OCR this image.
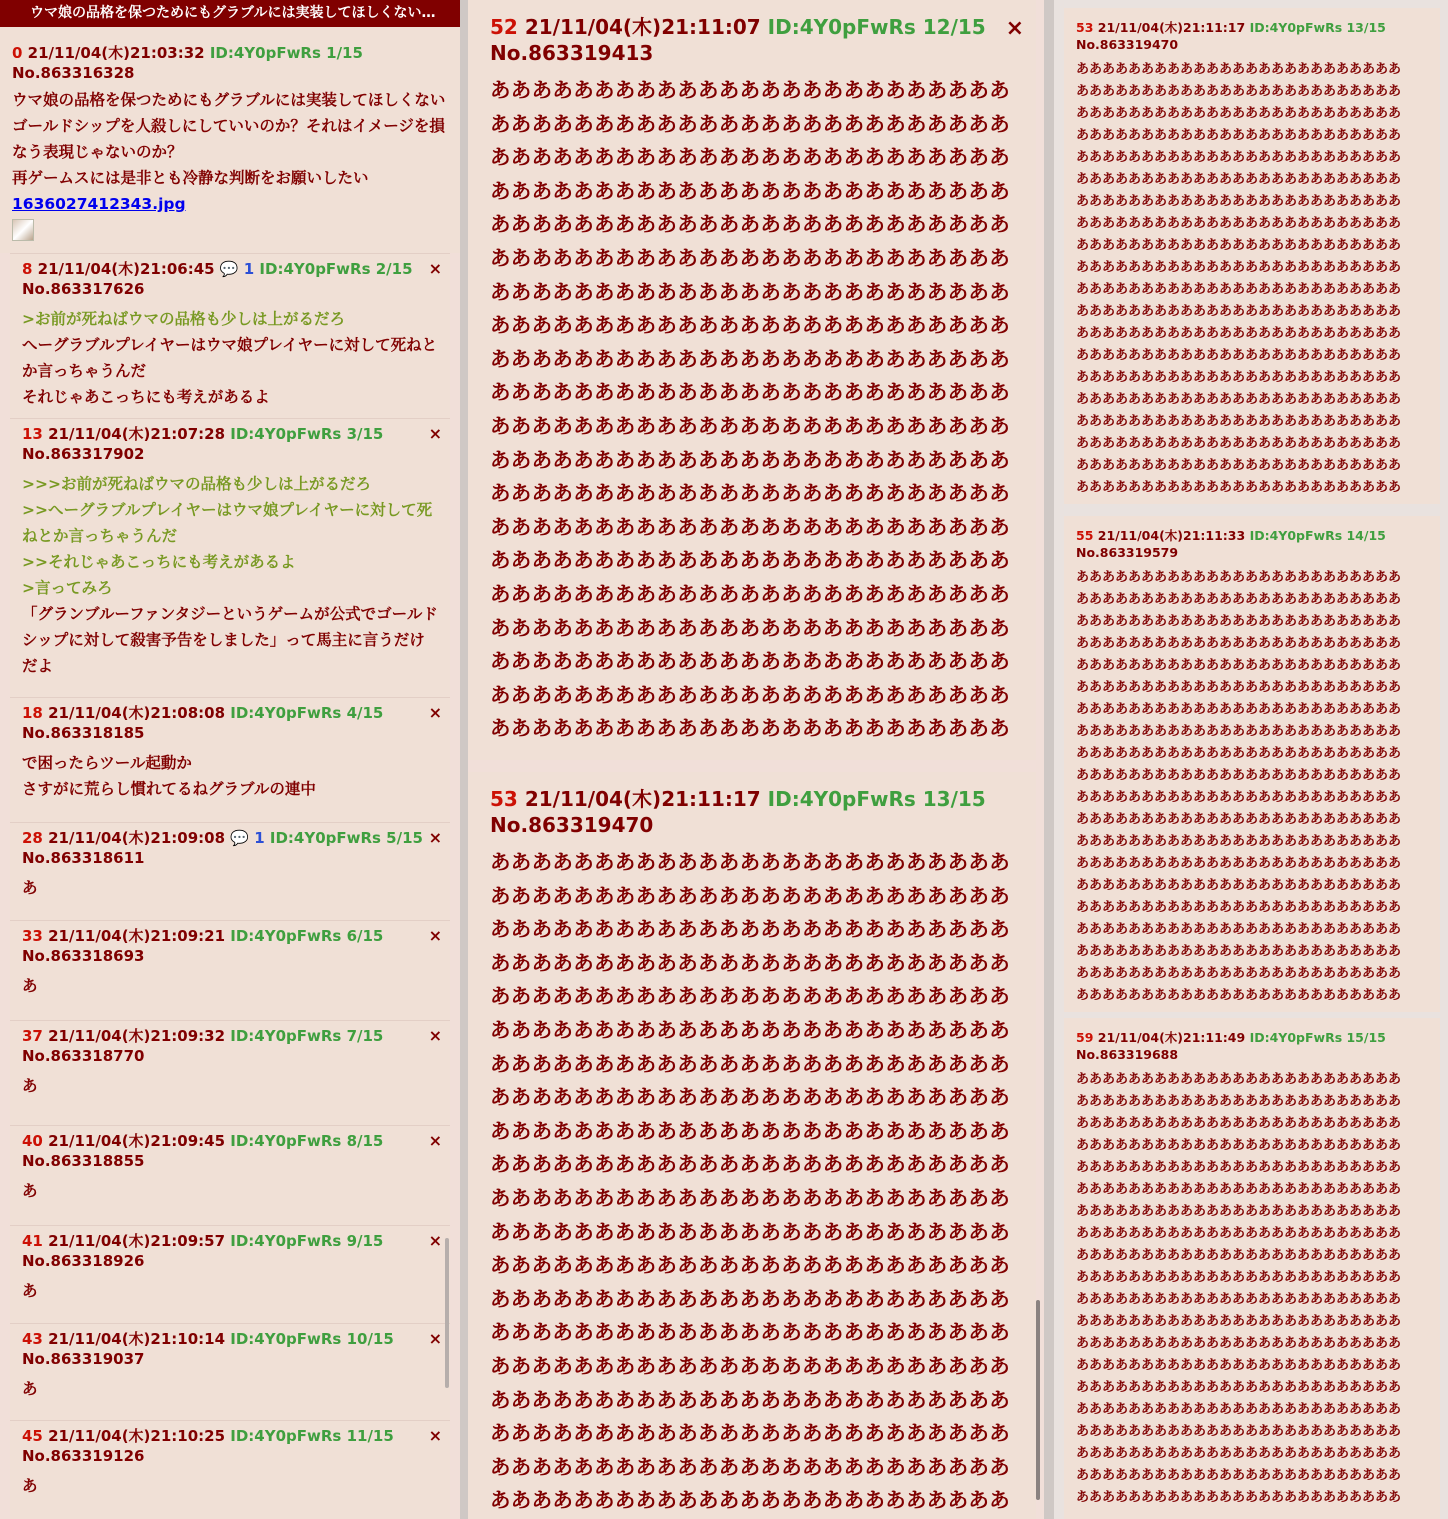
ウマ娘の品格を保つためにもグラブルには実装してほしくない…
0 21/11/04(木)21:03:32 ID:4Y0pFwRs 1/15 No.863316328
ウマ娘の品格を保つためにもグラブルには実装してほしくない
ゴールドシップを人殺しにしていいのか？それはイメージを損なう表現じゃないのか？
再ゲームスには是非とも冷静な判断をお願いしたい
1636027412343.jpg
8 21/11/04(木)21:06:45 💬 1 ID:4Y0pFwRs 2/15 No.863317626
×
>お前が死ねばウマの品格も少しは上がるだろ
へーグラブルプレイヤーはウマ娘プレイヤーに対して死ねとか言っちゃうんだ
それじゃあこっちにも考えがあるよ
13 21/11/04(木)21:07:28 ID:4Y0pFwRs 3/15 No.863317902
×
>>>お前が死ねばウマの品格も少しは上がるだろ
>>へーグラブルプレイヤーはウマ娘プレイヤーに対して死ねとか言っちゃうんだ
>>それじゃあこっちにも考えがあるよ
>言ってみろ
「グランブルーファンタジーというゲームが公式でゴールドシップに対して殺害予告をしました」って馬主に言うだけだよ
18 21/11/04(木)21:08:08 ID:4Y0pFwRs 4/15 No.863318185
×
で困ったらツール起動か
さすがに荒らし慣れてるねグラブルの連中
28 21/11/04(木)21:09:08 💬 1 ID:4Y0pFwRs 5/15 No.863318611
×
あ
33 21/11/04(木)21:09:21 ID:4Y0pFwRs 6/15 No.863318693
×
あ
37 21/11/04(木)21:09:32 ID:4Y0pFwRs 7/15 No.863318770
×
あ
40 21/11/04(木)21:09:45 ID:4Y0pFwRs 8/15 No.863318855
×
あ
41 21/11/04(木)21:09:57 ID:4Y0pFwRs 9/15 No.863318926
×
あ
43 21/11/04(木)21:10:14 ID:4Y0pFwRs 10/15 No.863319037
×
あ
45 21/11/04(木)21:10:25 ID:4Y0pFwRs 11/15 No.863319126
×
あ
52 21/11/04(木)21:11:07 ID:4Y0pFwRs 12/15 No.863319413
×
あああああああああああああああああああああああああ
あああああああああああああああああああああああああ
あああああああああああああああああああああああああ
あああああああああああああああああああああああああ
あああああああああああああああああああああああああ
あああああああああああああああああああああああああ
あああああああああああああああああああああああああ
あああああああああああああああああああああああああ
あああああああああああああああああああああああああ
あああああああああああああああああああああああああ
あああああああああああああああああああああああああ
あああああああああああああああああああああああああ
あああああああああああああああああああああああああ
あああああああああああああああああああああああああ
あああああああああああああああああああああああああ
あああああああああああああああああああああああああ
あああああああああああああああああああああああああ
あああああああああああああああああああああああああ
あああああああああああああああああああああああああ
あああああああああああああああああああああああああ
53 21/11/04(木)21:11:17 ID:4Y0pFwRs 13/15 No.863319470
あああああああああああああああああああああああああ
あああああああああああああああああああああああああ
あああああああああああああああああああああああああ
あああああああああああああああああああああああああ
あああああああああああああああああああああああああ
あああああああああああああああああああああああああ
あああああああああああああああああああああああああ
あああああああああああああああああああああああああ
あああああああああああああああああああああああああ
あああああああああああああああああああああああああ
あああああああああああああああああああああああああ
あああああああああああああああああああああああああ
あああああああああああああああああああああああああ
あああああああああああああああああああああああああ
あああああああああああああああああああああああああ
あああああああああああああああああああああああああ
あああああああああああああああああああああああああ
あああああああああああああああああああああああああ
あああああああああああああああああああああああああ
あああああああああああああああああああああああああ
53 21/11/04(木)21:11:17 ID:4Y0pFwRs 13/15 No.863319470
あああああああああああああああああああああああああ
あああああああああああああああああああああああああ
あああああああああああああああああああああああああ
あああああああああああああああああああああああああ
あああああああああああああああああああああああああ
あああああああああああああああああああああああああ
あああああああああああああああああああああああああ
あああああああああああああああああああああああああ
あああああああああああああああああああああああああ
あああああああああああああああああああああああああ
あああああああああああああああああああああああああ
あああああああああああああああああああああああああ
あああああああああああああああああああああああああ
あああああああああああああああああああああああああ
あああああああああああああああああああああああああ
あああああああああああああああああああああああああ
あああああああああああああああああああああああああ
あああああああああああああああああああああああああ
あああああああああああああああああああああああああ
あああああああああああああああああああああああああ
55 21/11/04(木)21:11:33 ID:4Y0pFwRs 14/15 No.863319579
あああああああああああああああああああああああああ
あああああああああああああああああああああああああ
あああああああああああああああああああああああああ
あああああああああああああああああああああああああ
あああああああああああああああああああああああああ
あああああああああああああああああああああああああ
あああああああああああああああああああああああああ
あああああああああああああああああああああああああ
あああああああああああああああああああああああああ
あああああああああああああああああああああああああ
あああああああああああああああああああああああああ
あああああああああああああああああああああああああ
あああああああああああああああああああああああああ
あああああああああああああああああああああああああ
あああああああああああああああああああああああああ
あああああああああああああああああああああああああ
あああああああああああああああああああああああああ
あああああああああああああああああああああああああ
あああああああああああああああああああああああああ
あああああああああああああああああああああああああ
59 21/11/04(木)21:11:49 ID:4Y0pFwRs 15/15 No.863319688
あああああああああああああああああああああああああ
あああああああああああああああああああああああああ
あああああああああああああああああああああああああ
あああああああああああああああああああああああああ
あああああああああああああああああああああああああ
あああああああああああああああああああああああああ
あああああああああああああああああああああああああ
あああああああああああああああああああああああああ
あああああああああああああああああああああああああ
あああああああああああああああああああああああああ
あああああああああああああああああああああああああ
あああああああああああああああああああああああああ
あああああああああああああああああああああああああ
あああああああああああああああああああああああああ
あああああああああああああああああああああああああ
あああああああああああああああああああああああああ
あああああああああああああああああああああああああ
あああああああああああああああああああああああああ
あああああああああああああああああああああああああ
あああああああああああああああああああああああああ
